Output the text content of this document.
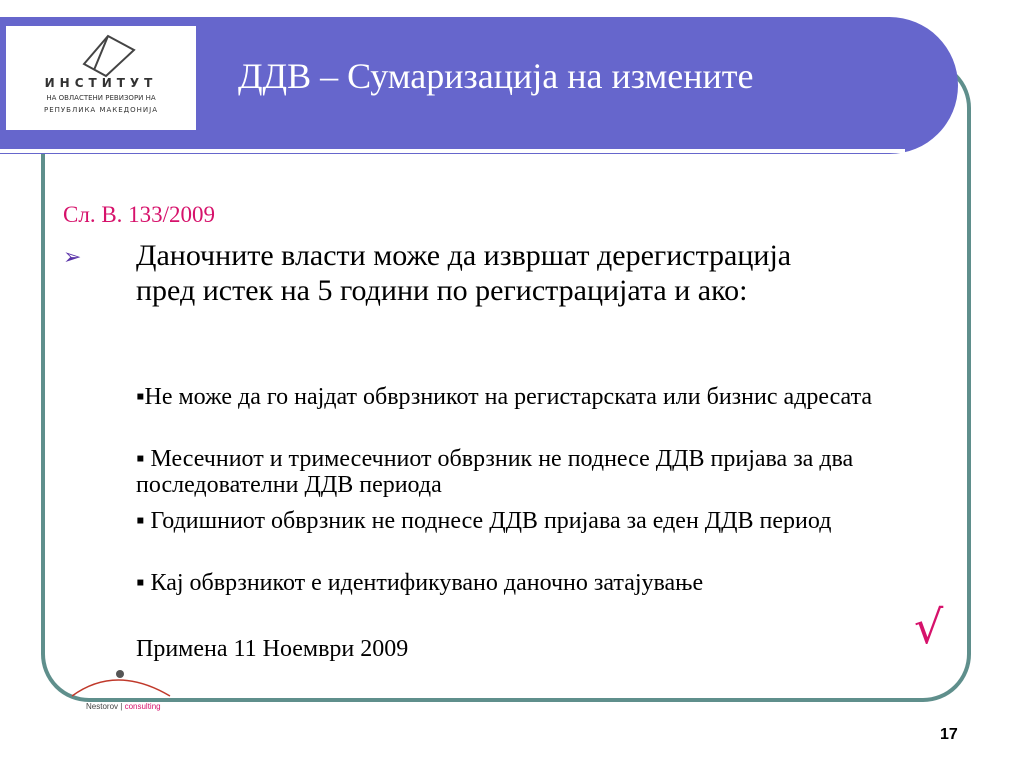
ИНСТИТУТ
НА ОВЛАСТЕНИ РЕВИЗОРИ НА
РЕПУБЛИКА МАКЕДОНИЈА
ДДВ – Сумаризација на измените
Сл. В. 133/2009
➢ Даночните власти може да извршат дерегистрација пред истек на 5 години по регистрацијата и ако:
▪Не може да го најдат обврзникот на регистарската или бизнис адресата
▪ Месечниот и тримесечниот обврзник не поднесе ДДВ пријава за два последователни ДДВ периода
▪ Годишниот обврзник не поднесе ДДВ пријава за еден ДДВ период
▪ Кај обврзникот е идентификувано даночно затајување
Примена 11 Ноември 2009	√
Nestorov | consulting
17
